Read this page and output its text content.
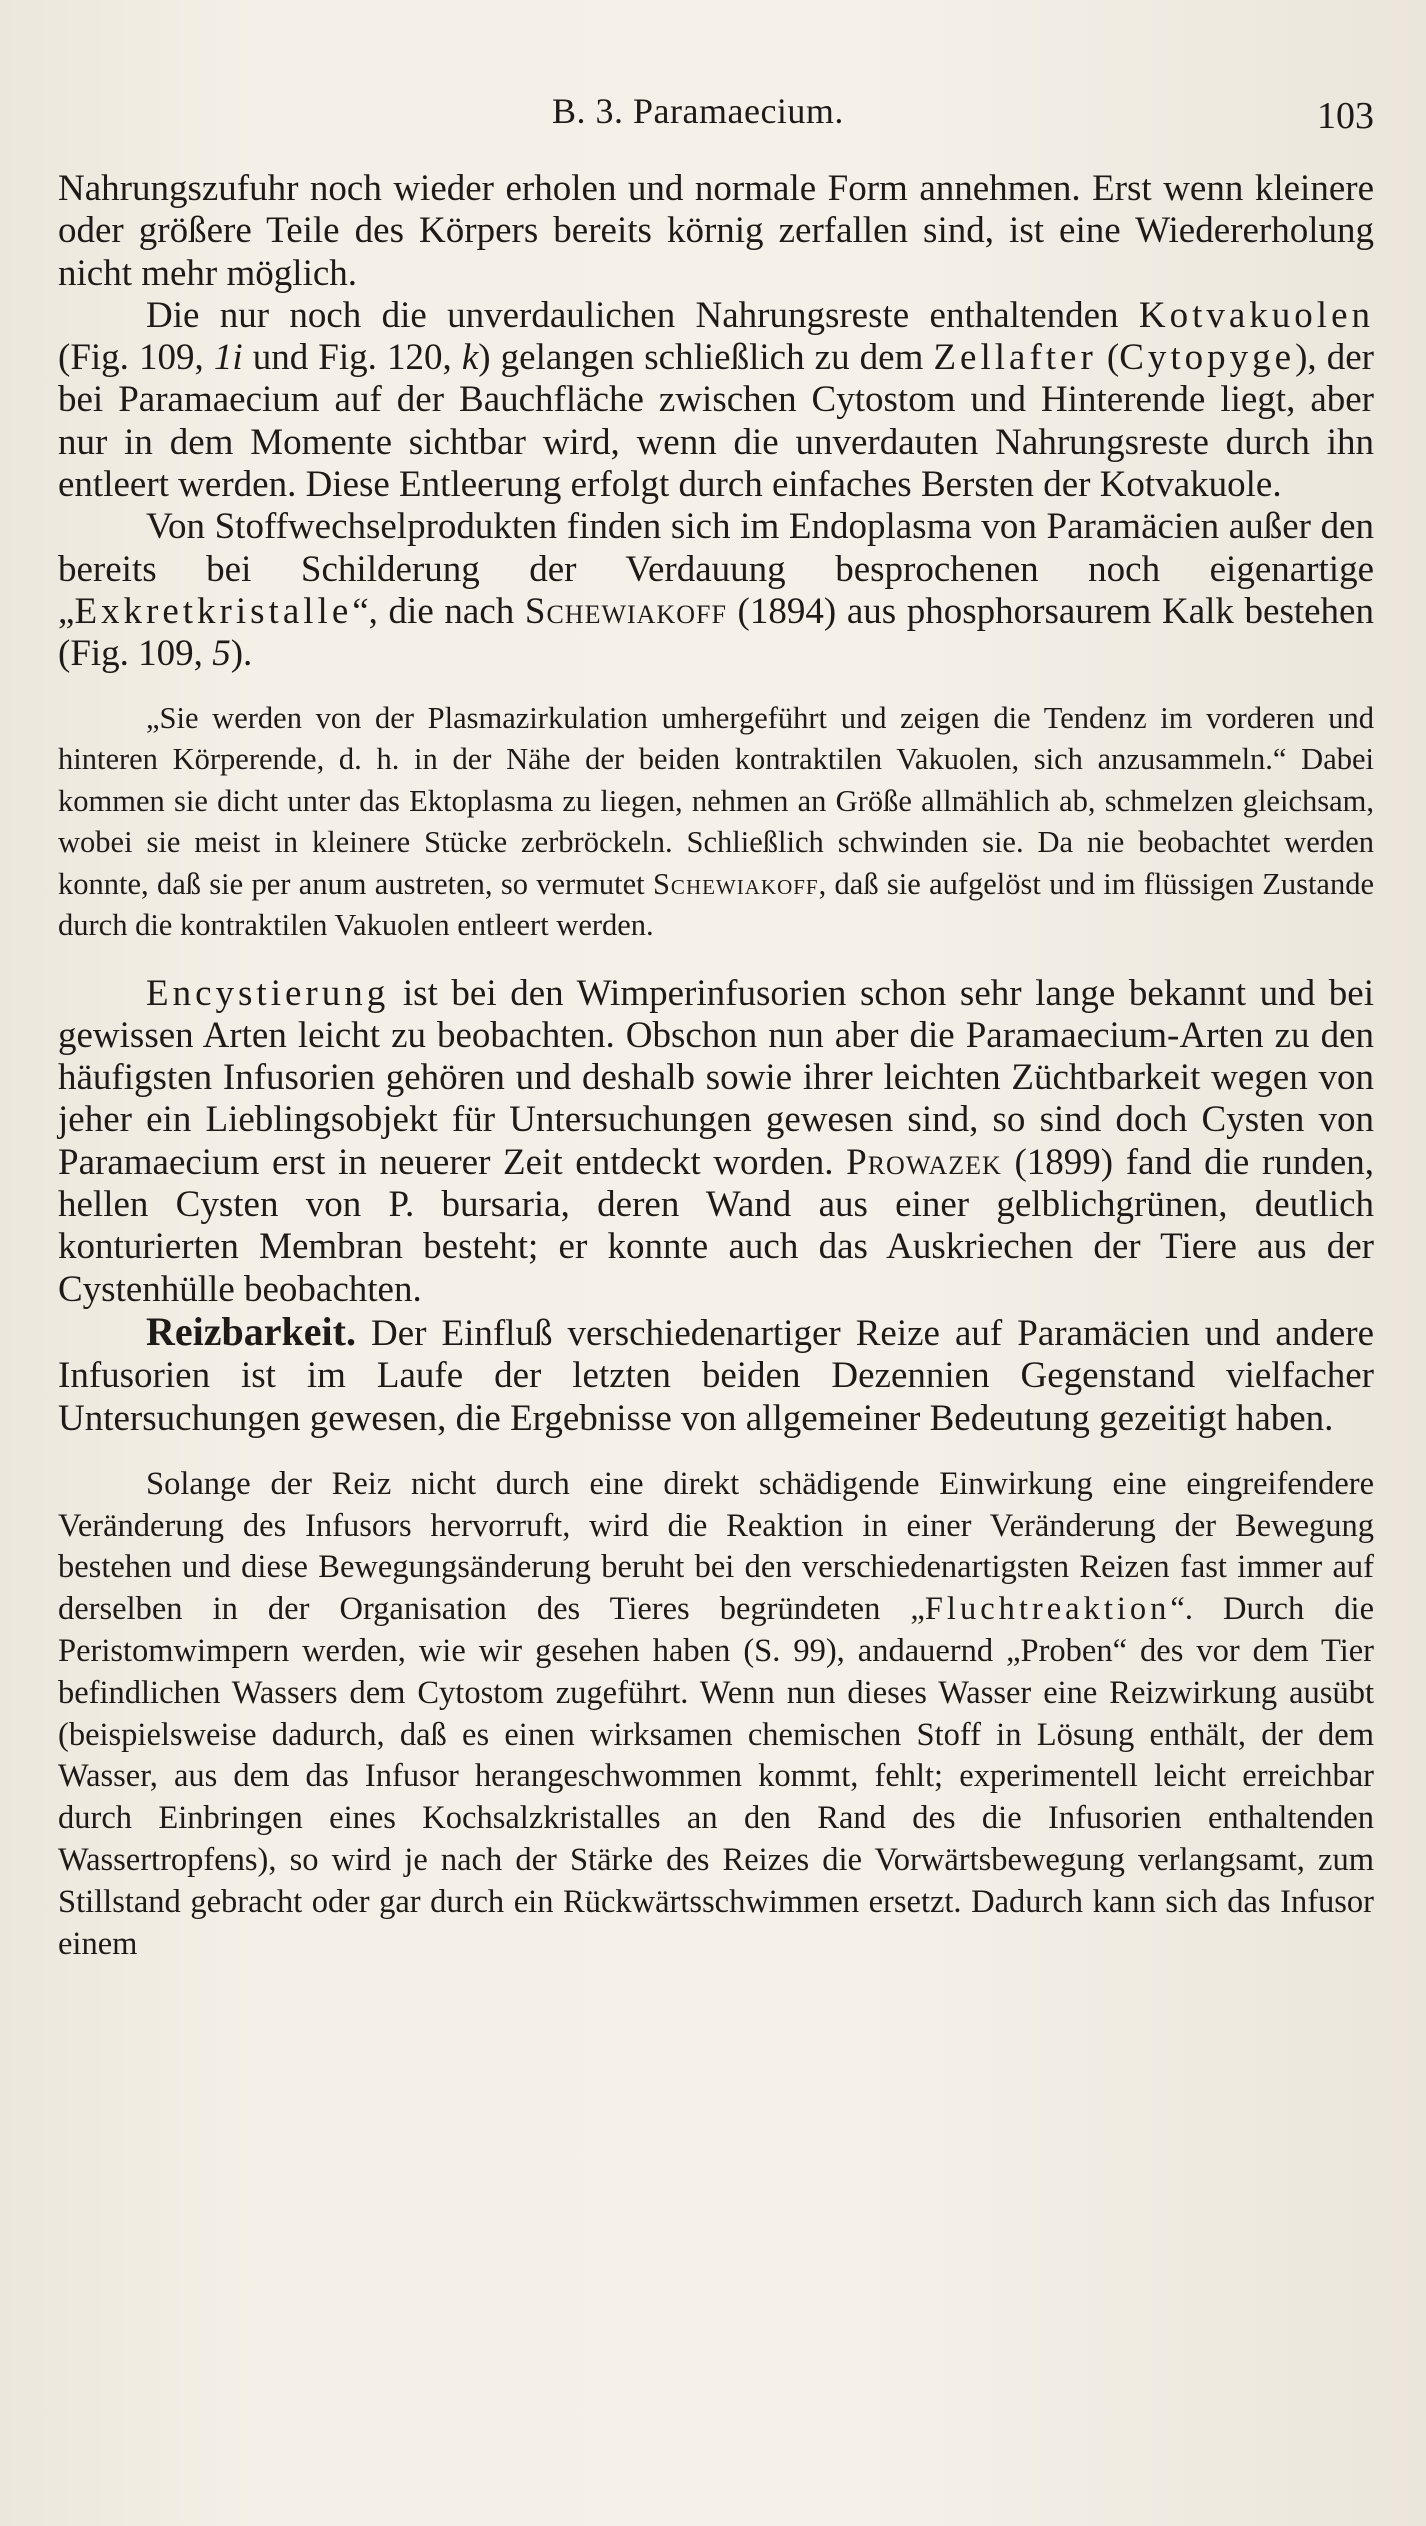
B. 3. Paramaecium.	103

Nahrungszufuhr noch wieder erholen und normale Form annehmen. Erst wenn kleinere oder größere Teile des Körpers bereits körnig zerfallen sind, ist eine Wiedererholung nicht mehr möglich.

Die nur noch die unverdaulichen Nahrungsreste enthaltenden Kotvakuolen (Fig. 109, 1i und Fig. 120, k) gelangen schließlich zu dem Zellafter (Cytopyge), der bei Paramaecium auf der Bauchfläche zwischen Cytostom und Hinterende liegt, aber nur in dem Momente sichtbar wird, wenn die unverdauten Nahrungsreste durch ihn entleert werden. Diese Entleerung erfolgt durch einfaches Bersten der Kotvakuole.

Von Stoffwechselprodukten finden sich im Endoplasma von Paramäcien außer den bereits bei Schilderung der Verdauung besprochenen noch eigenartige „Exkretkristalle“, die nach Schewiakoff (1894) aus phosphorsaurem Kalk bestehen (Fig. 109, 5).

„Sie werden von der Plasmazirkulation umhergeführt und zeigen die Tendenz im vorderen und hinteren Körperende, d. h. in der Nähe der beiden kontraktilen Vakuolen, sich anzusammeln.“ Dabei kommen sie dicht unter das Ektoplasma zu liegen, nehmen an Größe allmählich ab, schmelzen gleichsam, wobei sie meist in kleinere Stücke zerbröckeln. Schließlich schwinden sie. Da nie beobachtet werden konnte, daß sie per anum austreten, so vermutet Schewiakoff, daß sie aufgelöst und im flüssigen Zustande durch die kontraktilen Vakuolen entleert werden.

Encystierung ist bei den Wimperinfusorien schon sehr lange bekannt und bei gewissen Arten leicht zu beobachten. Obschon nun aber die Paramaecium-Arten zu den häufigsten Infusorien gehören und deshalb sowie ihrer leichten Züchtbarkeit wegen von jeher ein Lieblingsobjekt für Untersuchungen gewesen sind, so sind doch Cysten von Paramaecium erst in neuerer Zeit entdeckt worden. Prowazek (1899) fand die runden, hellen Cysten von P. bursaria, deren Wand aus einer gelblichgrünen, deutlich konturierten Membran besteht; er konnte auch das Auskriechen der Tiere aus der Cystenhülle beobachten.

Reizbarkeit. Der Einfluß verschiedenartiger Reize auf Paramäcien und andere Infusorien ist im Laufe der letzten beiden Dezennien Gegenstand vielfacher Untersuchungen gewesen, die Ergebnisse von allgemeiner Bedeutung gezeitigt haben.

Solange der Reiz nicht durch eine direkt schädigende Einwirkung eine eingreifendere Veränderung des Infusors hervorruft, wird die Reaktion in einer Veränderung der Bewegung bestehen und diese Bewegungsänderung beruht bei den verschiedenartigsten Reizen fast immer auf derselben in der Organisation des Tieres begründeten „Fluchtreaktion“. Durch die Peristomwimpern werden, wie wir gesehen haben (S. 99), andauernd „Proben“ des vor dem Tier befindlichen Wassers dem Cytostom zugeführt. Wenn nun dieses Wasser eine Reizwirkung ausübt (beispielsweise dadurch, daß es einen wirksamen chemischen Stoff in Lösung enthält, der dem Wasser, aus dem das Infusor herangeschwommen kommt, fehlt; experimentell leicht erreichbar durch Einbringen eines Kochsalzkristalles an den Rand des die Infusorien enthaltenden Wassertropfens), so wird je nach der Stärke des Reizes die Vorwärtsbewegung verlangsamt, zum Stillstand gebracht oder gar durch ein Rückwärtsschwimmen ersetzt. Dadurch kann sich das Infusor einem
